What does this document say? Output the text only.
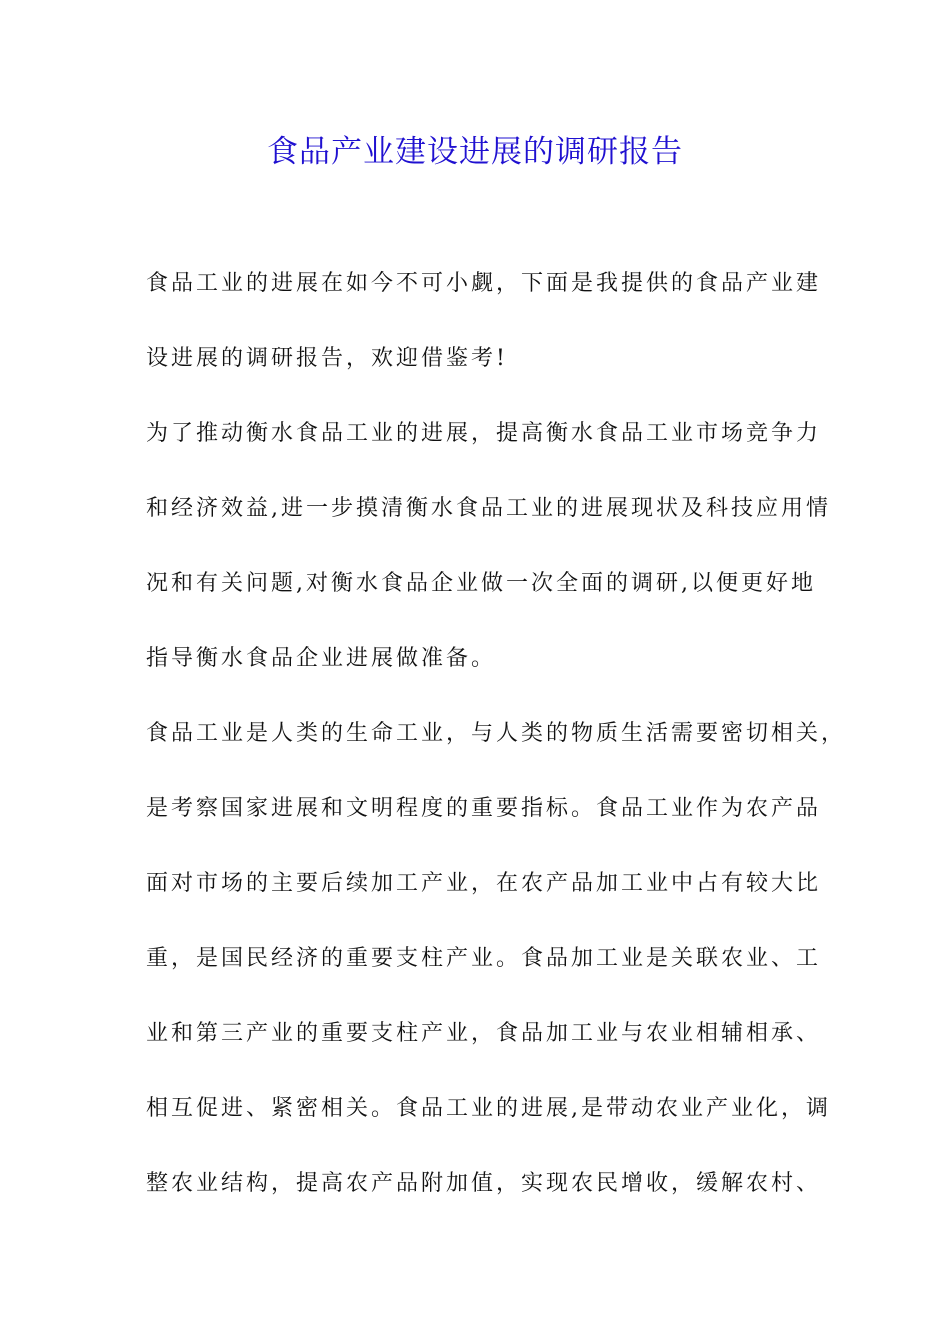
食品产业建设进展的调研报告
食品工业的进展在如今不可小觑，下面是我提供的食品产业建
设进展的调研报告，欢迎借鉴考!
为了推动衡水食品工业的进展，提高衡水食品工业市场竞争力
和经济效益,进一步摸清衡水食品工业的进展现状及科技应用情
况和有关问题,对衡水食品企业做一次全面的调研,以便更好地
指导衡水食品企业进展做准备。
食品工业是人类的生命工业，与人类的物质生活需要密切相关，
是考察国家进展和文明程度的重要指标。食品工业作为农产品
面对市场的主要后续加工产业，在农产品加工业中占有较大比
重，是国民经济的重要支柱产业。食品加工业是关联农业、工
业和第三产业的重要支柱产业，食品加工业与农业相辅相承、
相互促进、紧密相关。食品工业的进展,是带动农业产业化，调
整农业结构，提高农产品附加值，实现农民增收，缓解农村、
